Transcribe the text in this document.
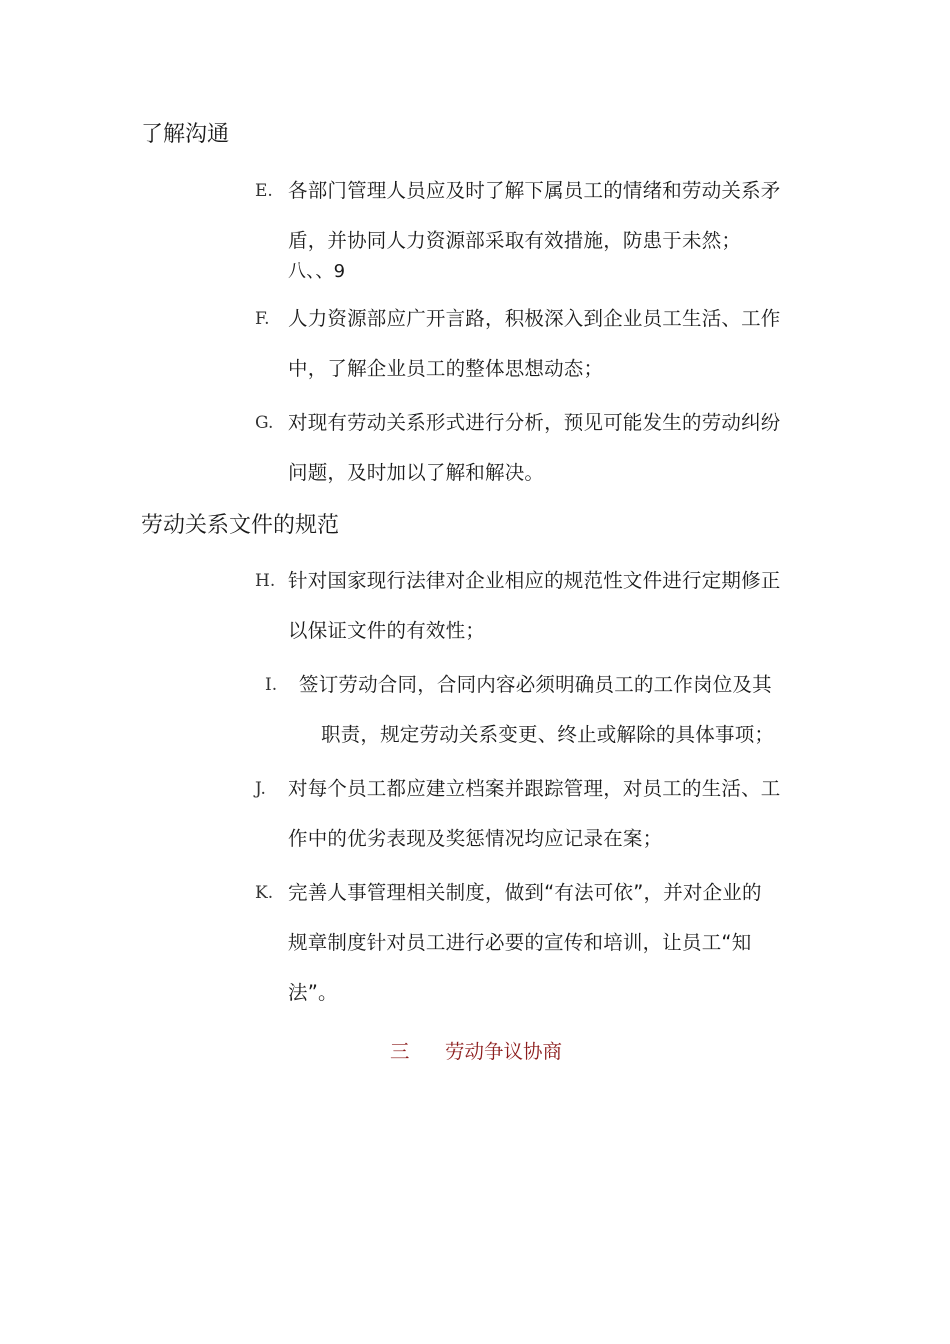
了解沟通
E. 各部门管理人员应及时了解下属员工的情绪和劳动关系矛
盾，并协同人力资源部采取有效措施，防患于未然；
八、、9
F. 人力资源部应广开言路，积极深入到企业员工生活、工作
中，了解企业员工的整体思想动态；
G. 对现有劳动关系形式进行分析，预见可能发生的劳动纠纷
问题，及时加以了解和解决。
劳动关系文件的规范
H. 针对国家现行法律对企业相应的规范性文件进行定期修正
以保证文件的有效性；
I. 签订劳动合同，合同内容必须明确员工的工作岗位及其
职责，规定劳动关系变更、终止或解除的具体事项；
J. 对每个员工都应建立档案并跟踪管理，对员工的生活、工
作中的优劣表现及奖惩情况均应记录在案；
K. 完善人事管理相关制度，做到“有法可依”，并对企业的
规章制度针对员工进行必要的宣传和培训，让员工“知
法”。
三 劳动争议协商
